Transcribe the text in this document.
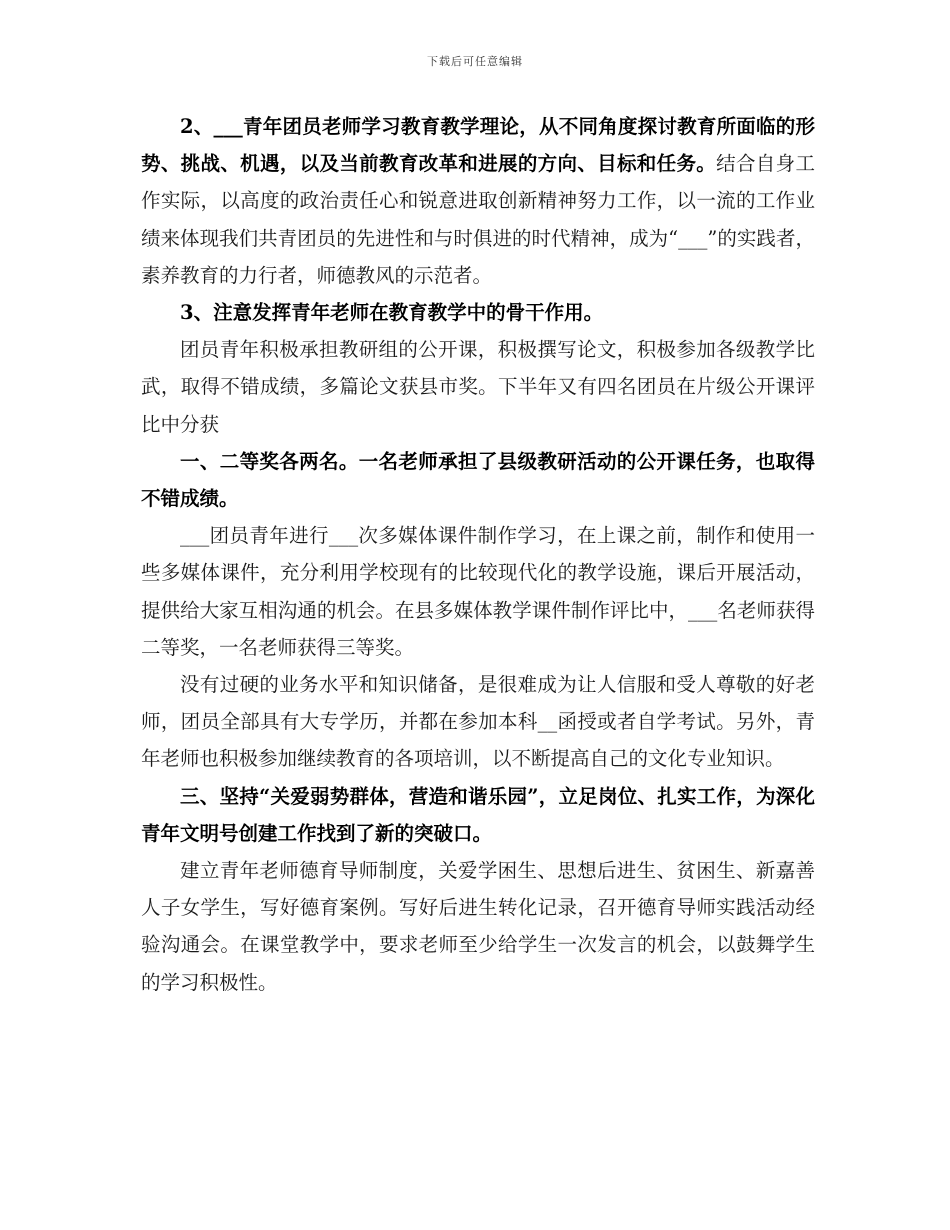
下载后可任意编辑

2、___青年团员老师学习教育教学理论，从不同角度探讨教育所面临的形势、挑战、机遇，以及当前教育改革和进展的方向、目标和任务。结合自身工作实际，以高度的政治责任心和锐意进取创新精神努力工作，以一流的工作业绩来体现我们共青团员的先进性和与时俱进的时代精神，成为“___”的实践者，素养教育的力行者，师德教风的示范者。

3、注意发挥青年老师在教育教学中的骨干作用。

团员青年积极承担教研组的公开课，积极撰写论文，积极参加各级教学比武，取得不错成绩，多篇论文获县市奖。下半年又有四名团员在片级公开课评比中分获

一、二等奖各两名。一名老师承担了县级教研活动的公开课任务，也取得不错成绩。

___团员青年进行___次多媒体课件制作学习，在上课之前，制作和使用一些多媒体课件，充分利用学校现有的比较现代化的教学设施，课后开展活动，提供给大家互相沟通的机会。在县多媒体教学课件制作评比中，___名老师获得二等奖，一名老师获得三等奖。

没有过硬的业务水平和知识储备，是很难成为让人信服和受人尊敬的好老师，团员全部具有大专学历，并都在参加本科__函授或者自学考试。另外，青年老师也积极参加继续教育的各项培训，以不断提高自己的文化专业知识。

三、坚持“关爱弱势群体，营造和谐乐园”，立足岗位、扎实工作，为深化青年文明号创建工作找到了新的突破口。

建立青年老师德育导师制度，关爱学困生、思想后进生、贫困生、新嘉善人子女学生，写好德育案例。写好后进生转化记录，召开德育导师实践活动经验沟通会。在课堂教学中，要求老师至少给学生一次发言的机会，以鼓舞学生的学习积极性。
